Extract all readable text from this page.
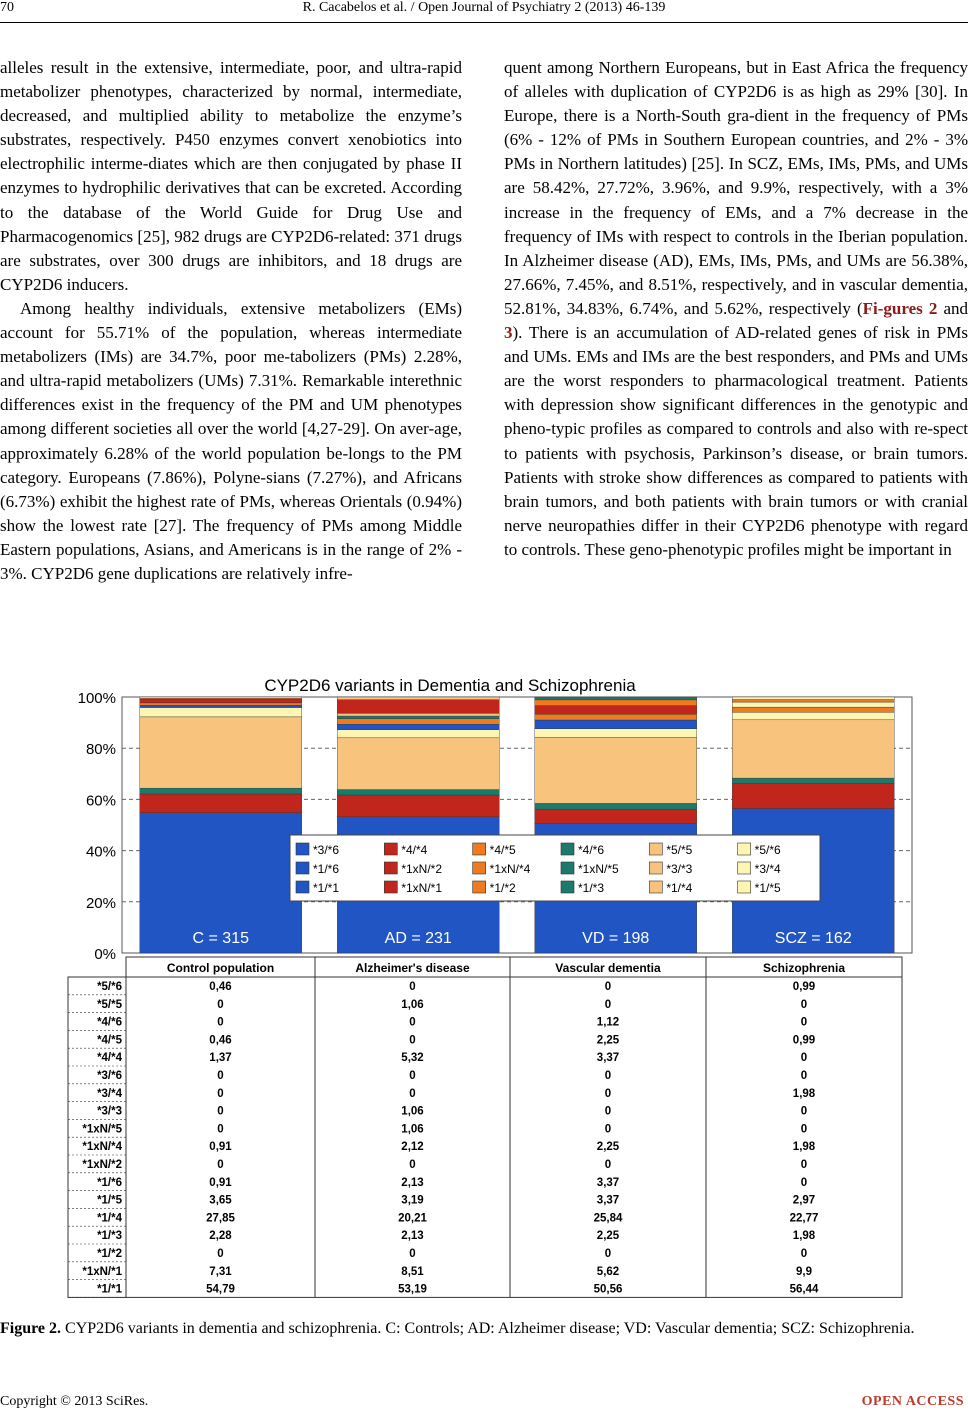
70	R. Cacabelos et al. / Open Journal of Psychiatry 2 (2013) 46-139

alleles result in the extensive, intermediate, poor, and ultra-rapid metabolizer phenotypes, characterized by normal, intermediate, decreased, and multiplied ability to metabolize the enzyme’s substrates, respectively. P450 enzymes convert xenobiotics into electrophilic interme-diates which are then conjugated by phase II enzymes to hydrophilic derivatives that can be excreted. According to the database of the World Guide for Drug Use and Pharmacogenomics [25], 982 drugs are CYP2D6-related: 371 drugs are substrates, over 300 drugs are inhibitors, and 18 drugs are CYP2D6 inducers.

Among healthy individuals, extensive metabolizers (EMs) account for 55.71% of the population, whereas intermediate metabolizers (IMs) are 34.7%, poor me-tabolizers (PMs) 2.28%, and ultra-rapid metabolizers (UMs) 7.31%. Remarkable interethnic differences exist in the frequency of the PM and UM phenotypes among different societies all over the world [4,27-29]. On aver-age, approximately 6.28% of the world population be-longs to the PM category. Europeans (7.86%), Polyne-sians (7.27%), and Africans (6.73%) exhibit the highest rate of PMs, whereas Orientals (0.94%) show the lowest rate [27]. The frequency of PMs among Middle Eastern populations, Asians, and Americans is in the range of 2% - 3%. CYP2D6 gene duplications are relatively infre-

quent among Northern Europeans, but in East Africa the frequency of alleles with duplication of CYP2D6 is as high as 29% [30]. In Europe, there is a North-South gra-dient in the frequency of PMs (6% - 12% of PMs in Southern European countries, and 2% - 3% PMs in Northern latitudes) [25]. In SCZ, EMs, IMs, PMs, and UMs are 58.42%, 27.72%, 3.96%, and 9.9%, respectively, with a 3% increase in the frequency of EMs, and a 7% decrease in the frequency of IMs with respect to controls in the Iberian population. In Alzheimer disease (AD), EMs, IMs, PMs, and UMs are 56.38%, 27.66%, 7.45%, and 8.51%, respectively, and in vascular dementia, 52.81%, 34.83%, 6.74%, and 5.62%, respectively (Fi-gures 2 and 3). There is an accumulation of AD-related genes of risk in PMs and UMs. EMs and IMs are the best responders, and PMs and UMs are the worst responders to pharmacological treatment. Patients with depression show significant differences in the genotypic and pheno-typic profiles as compared to controls and also with re-spect to patients with psychosis, Parkinson’s disease, or brain tumors. Patients with stroke show differences as compared to patients with brain tumors, and both patients with brain tumors or with cranial nerve neuropathies differ in their CYP2D6 phenotype with regard to controls. These geno-phenotypic profiles might be important in

CYP2D6 variants in Dementia and Schizophrenia
0%
20%
40%
60%
80%
100%
C = 315	AD = 231	VD = 198	SCZ = 162
*3/*6	*4/*4	*4/*5	*4/*6	*5/*5	*5/*6
*1/*6	*1xN/*2	*1xN/*4	*1xN/*5	*3/*3	*3/*4
*1/*1	*1xN/*1	*1/*2	*1/*3	*1/*4	*1/*5
Control population	Alzheimer's disease	Vascular dementia	Schizophrenia
*5/*6	0,46	0	0	0,99
*5/*5	0	1,06	0	0
*4/*6	0	0	1,12	0
*4/*5	0,46	0	2,25	0,99
*4/*4	1,37	5,32	3,37	0
*3/*6	0	0	0	0
*3/*4	0	0	0	1,98
*3/*3	0	1,06	0	0
*1xN/*5	0	1,06	0	0
*1xN/*4	0,91	2,12	2,25	1,98
*1xN/*2	0	0	0	0
*1/*6	0,91	2,13	3,37	0
*1/*5	3,65	3,19	3,37	2,97
*1/*4	27,85	20,21	25,84	22,77
*1/*3	2,28	2,13	2,25	1,98
*1/*2	0	0	0	0
*1xN/*1	7,31	8,51	5,62	9,9
*1/*1	54,79	53,19	50,56	56,44
Figure 2. CYP2D6 variants in dementia and schizophrenia. C: Controls; AD: Alzheimer disease; VD: Vascular dementia; SCZ: Schizophrenia.
Copyright © 2013 SciRes.	OPEN ACCESS
